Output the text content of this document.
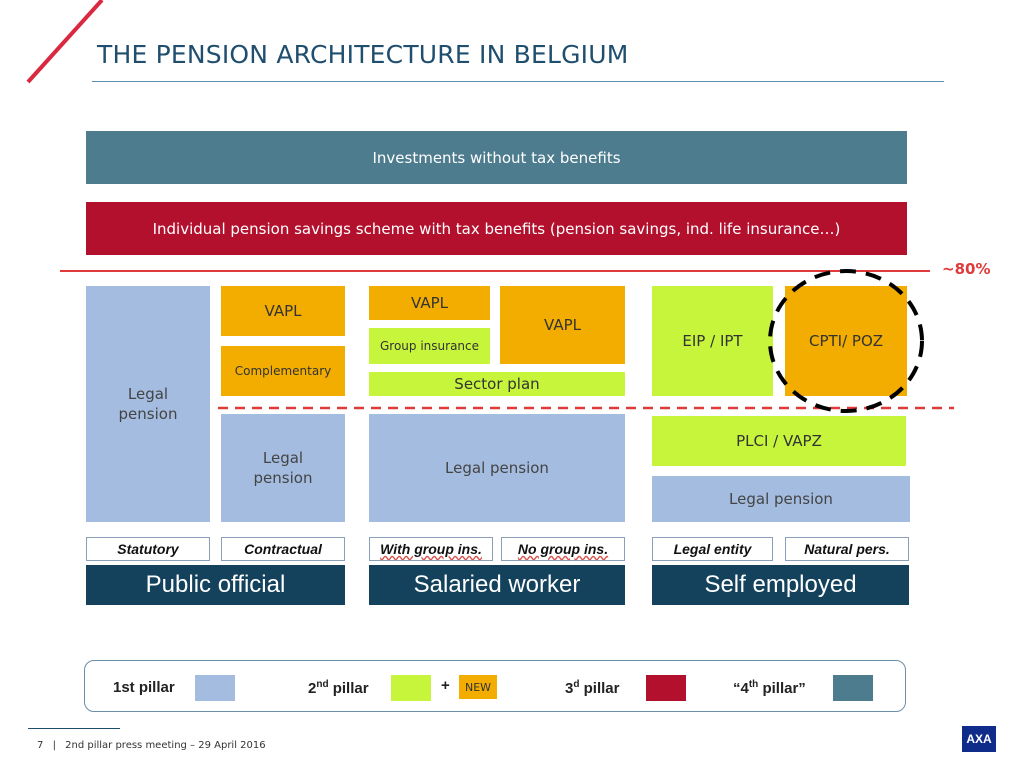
THE PENSION ARCHITECTURE IN BELGIUM
Investments without tax benefits
Individual pension savings scheme with tax benefits (pension savings, ind. life insurance…)
~80%
Legal
pension
VAPL
Complementary
Legal
pension
Statutory	Contractual
Public official
VAPL
Group insurance
VAPL
Sector plan
Legal pension
With group ins.	No group ins.
Salaried worker
EIP / IPT	CPTI/ POZ
PLCI / VAPZ
Legal pension
Legal entity	Natural pers.
Self employed
1st pillar	2nd pillar	+ NEW	3$^d$ pillar	“4th pillar”
7 | 2nd pillar press meeting – 29 April 2016	AXA
